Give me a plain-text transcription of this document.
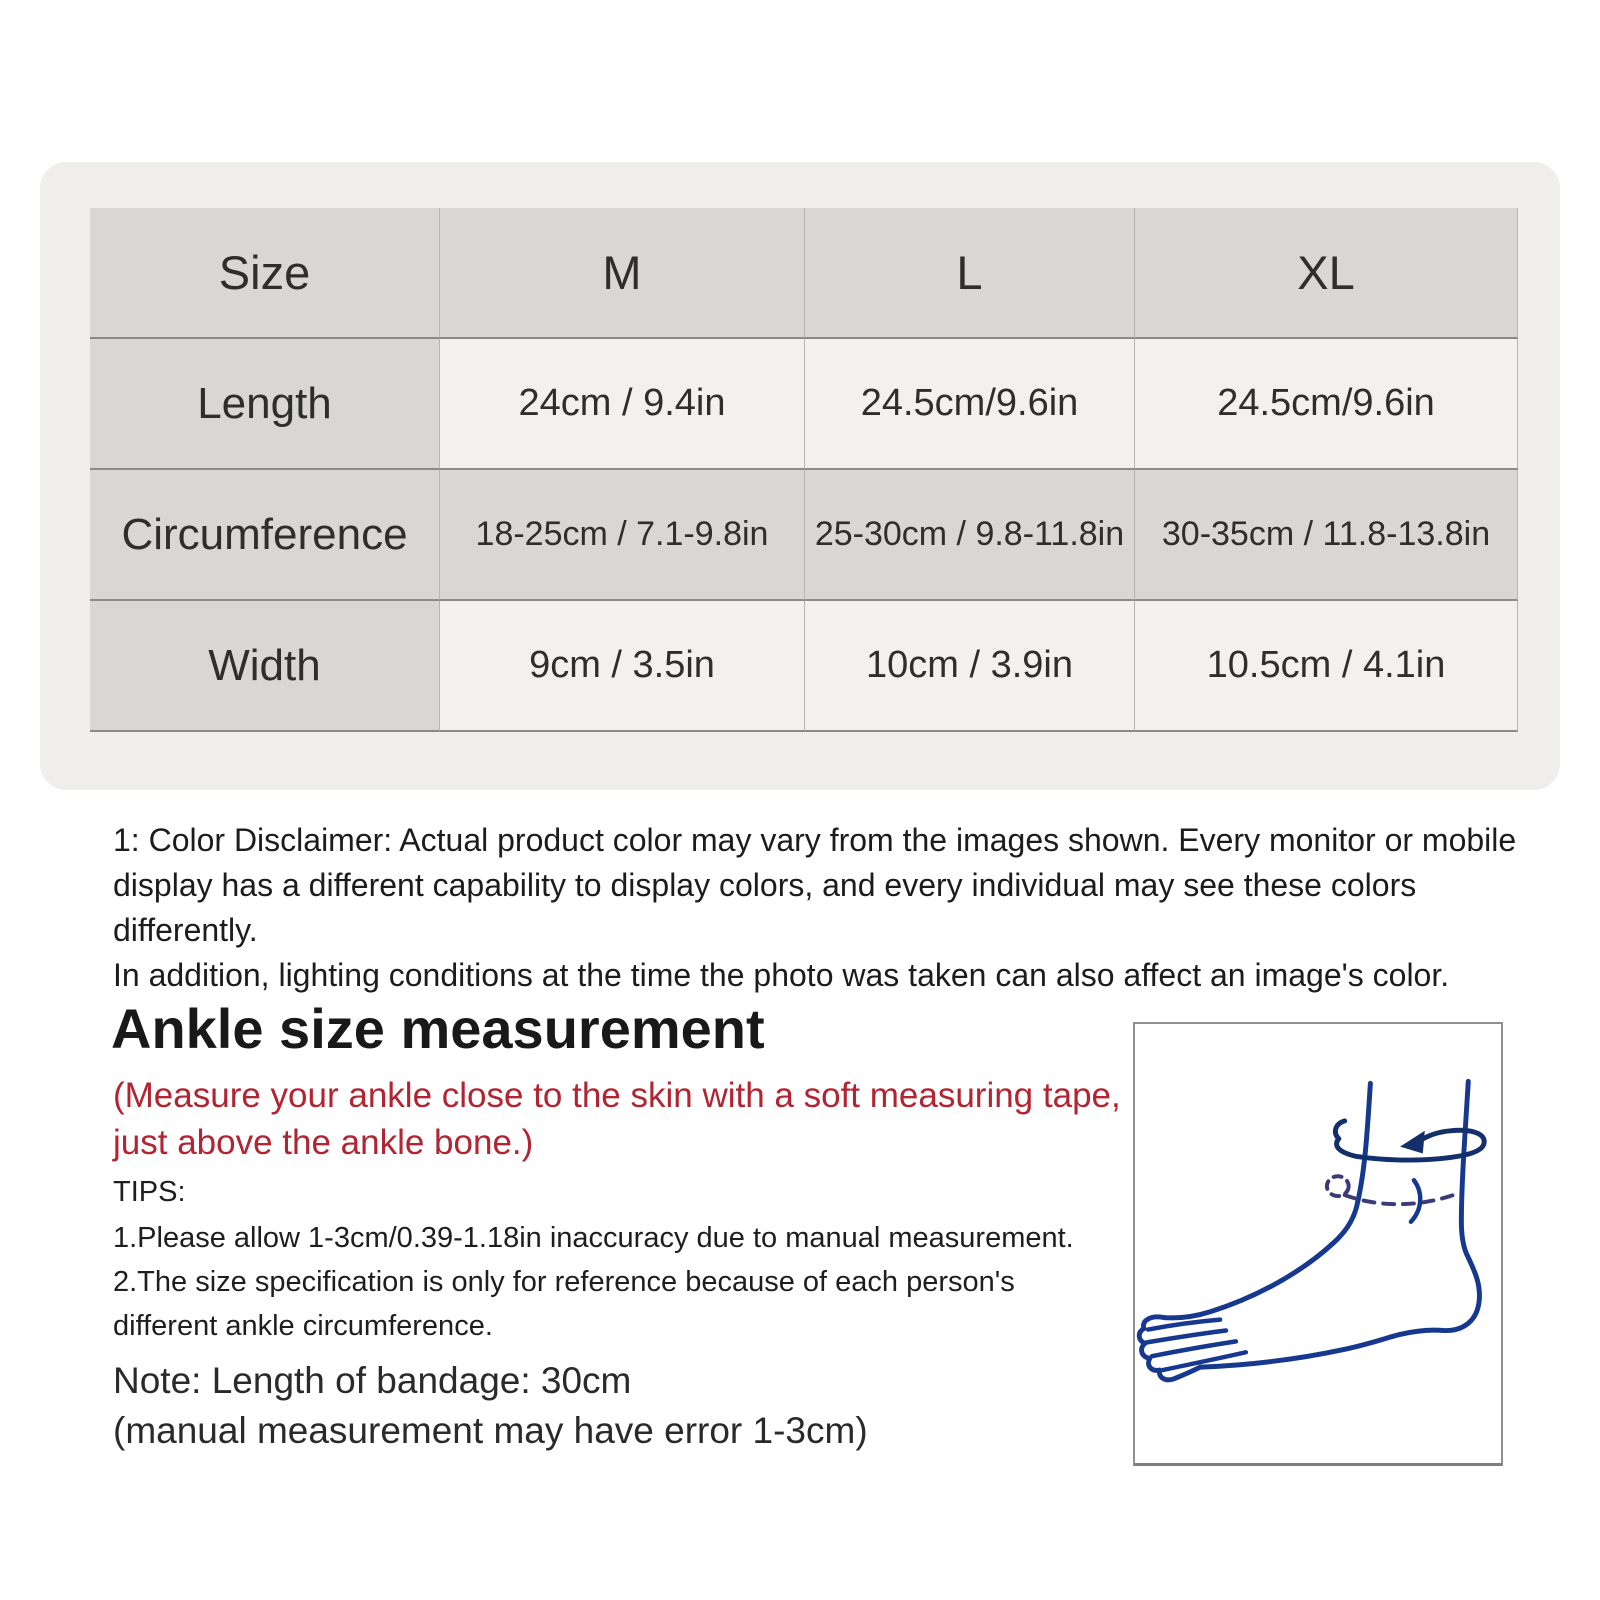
Size	M	L	XL
Length	24cm / 9.4in	24.5cm/9.6in	24.5cm/9.6in
Circumference	18-25cm / 7.1-9.8in	25-30cm / 9.8-11.8in	30-35cm / 11.8-13.8in
Width	9cm / 3.5in	10cm / 3.9in	10.5cm / 4.1in
1: Color Disclaimer: Actual product color may vary from the images shown. Every monitor or mobile
display has a different capability to display colors, and every individual may see these colors differently.
In addition, lighting conditions at the time the photo was taken can also affect an image's color.
Ankle size measurement
(Measure your ankle close to the skin with a soft measuring tape,
just above the ankle bone.)
TIPS:
1.Please allow 1-3cm/0.39-1.18in inaccuracy due to manual measurement.
2.The size specification is only for reference because of each person's
different ankle circumference.
Note: Length of bandage: 30cm
(manual measurement may have error 1-3cm)
